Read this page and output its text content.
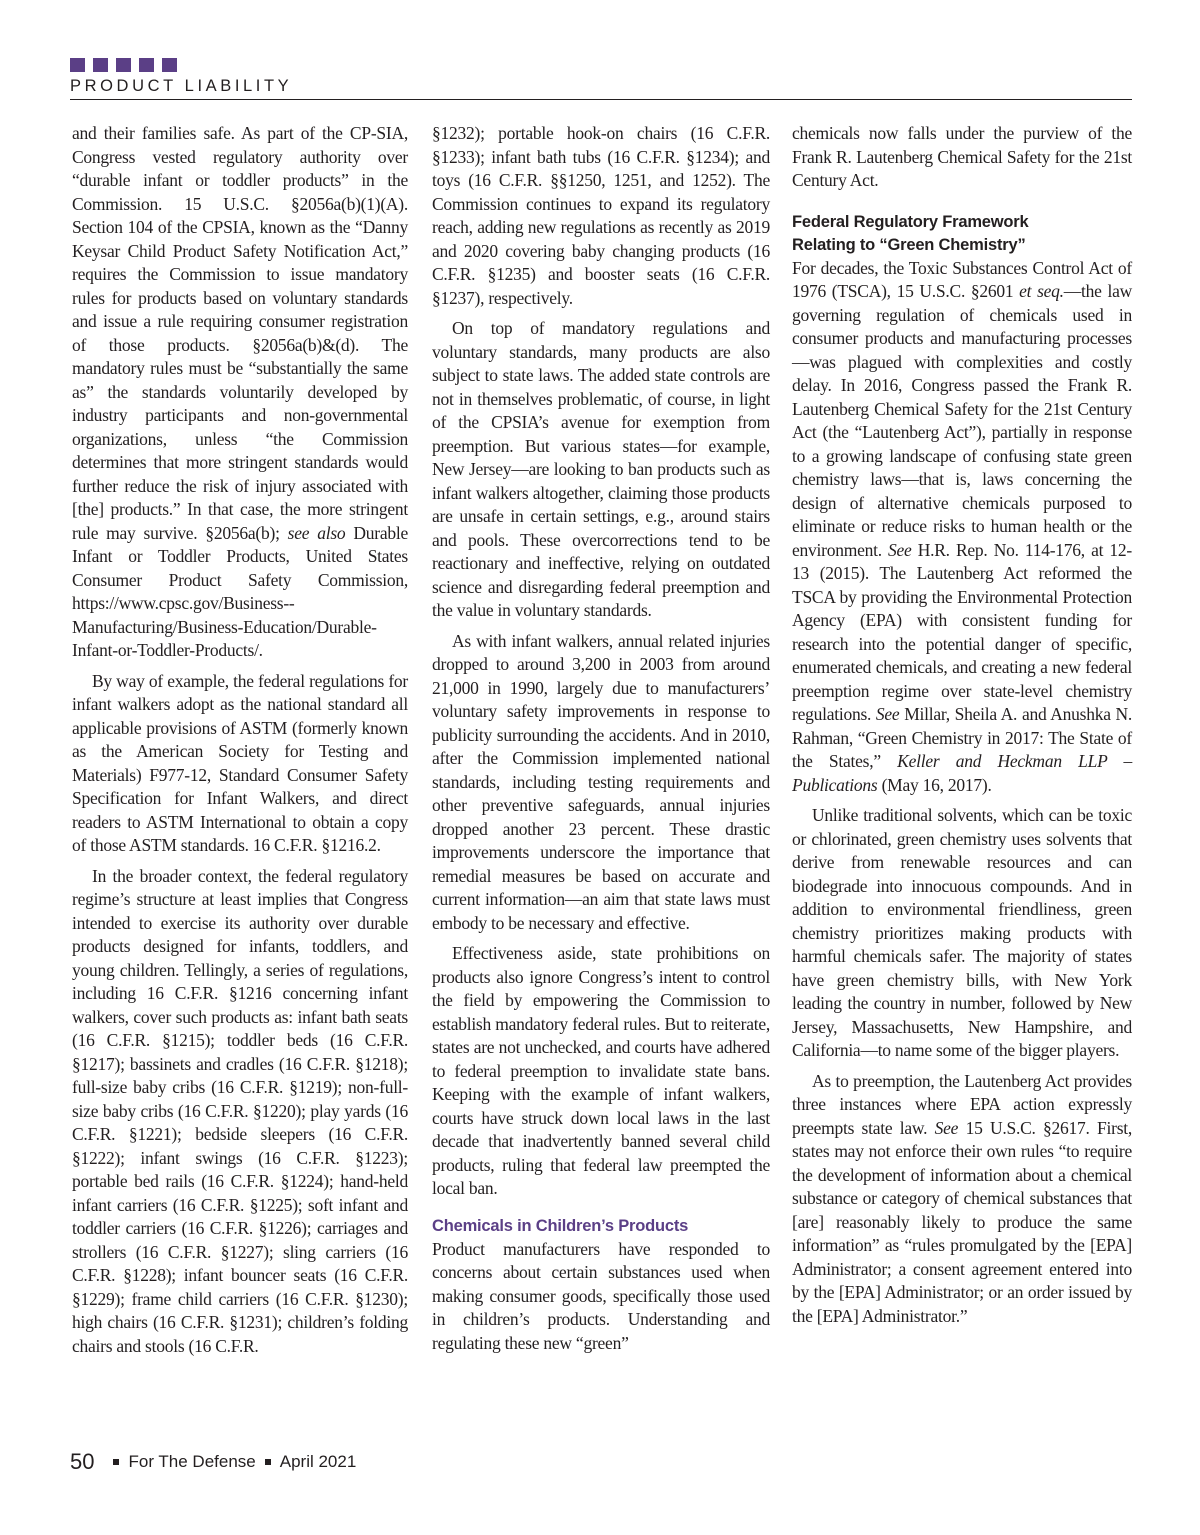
PRODUCT LIABILITY

and their families safe. As part of the CP-SIA, Congress vested regulatory authority over “durable infant or toddler products” in the Commission. 15 U.S.C. §2056a(b)(1)(A). Section 104 of the CPSIA, known as the “Danny Keysar Child Product Safety Notification Act,” requires the Commission to issue mandatory rules for products based on voluntary standards and issue a rule requiring consumer registration of those products. §2056a(b)&(d). The mandatory rules must be “substantially the same as” the standards voluntarily developed by industry participants and non-governmental organizations, unless “the Commission determines that more stringent standards would further reduce the risk of injury associated with [the] products.” In that case, the more stringent rule may survive. §2056a(b); see also Durable Infant or Toddler Products, United States Consumer Product Safety Commission, https://www.cpsc.gov/Business--Manufacturing/Business-Education/Durable-Infant-or-Toddler-Products/.

By way of example, the federal regulations for infant walkers adopt as the national standard all applicable provisions of ASTM (formerly known as the American Society for Testing and Materials) F977-12, Standard Consumer Safety Specification for Infant Walkers, and direct readers to ASTM International to obtain a copy of those ASTM standards. 16 C.F.R. §1216.2.

In the broader context, the federal regulatory regime’s structure at least implies that Congress intended to exercise its authority over durable products designed for infants, toddlers, and young children. Tellingly, a series of regulations, including 16 C.F.R. §1216 concerning infant walkers, cover such products as: infant bath seats (16 C.F.R. §1215); toddler beds (16 C.F.R. §1217); bassinets and cradles (16 C.F.R. §1218); full-size baby cribs (16 C.F.R. §1219); non-full-size baby cribs (16 C.F.R. §1220); play yards (16 C.F.R. §1221); bedside sleepers (16 C.F.R. §1222); infant swings (16 C.F.R. §1223); portable bed rails (16 C.F.R. §1224); hand-held infant carriers (16 C.F.R. §1225); soft infant and toddler carriers (16 C.F.R. §1226); carriages and strollers (16 C.F.R. §1227); sling carriers (16 C.F.R. §1228); infant bouncer seats (16 C.F.R. §1229); frame child carriers (16 C.F.R. §1230); high chairs (16 C.F.R. §1231); children’s folding chairs and stools (16 C.F.R.

§1232); portable hook-on chairs (16 C.F.R. §1233); infant bath tubs (16 C.F.R. §1234); and toys (16 C.F.R. §§1250, 1251, and 1252). The Commission continues to expand its regulatory reach, adding new regulations as recently as 2019 and 2020 covering baby changing products (16 C.F.R. §1235) and booster seats (16 C.F.R. §1237), respectively.

On top of mandatory regulations and voluntary standards, many products are also subject to state laws. The added state controls are not in themselves problematic, of course, in light of the CPSIA’s avenue for exemption from preemption. But various states—for example, New Jersey—are looking to ban products such as infant walkers altogether, claiming those products are unsafe in certain settings, e.g., around stairs and pools. These overcorrections tend to be reactionary and ineffective, relying on outdated science and disregarding federal preemption and the value in voluntary standards.

As with infant walkers, annual related injuries dropped to around 3,200 in 2003 from around 21,000 in 1990, largely due to manufacturers’ voluntary safety improvements in response to publicity surrounding the accidents. And in 2010, after the Commission implemented national standards, including testing requirements and other preventive safeguards, annual injuries dropped another 23 percent. These drastic improvements underscore the importance that remedial measures be based on accurate and current information—an aim that state laws must embody to be necessary and effective.

Effectiveness aside, state prohibitions on products also ignore Congress’s intent to control the field by empowering the Commission to establish mandatory federal rules. But to reiterate, states are not unchecked, and courts have adhered to federal preemption to invalidate state bans. Keeping with the example of infant walkers, courts have struck down local laws in the last decade that inadvertently banned several child products, ruling that federal law preempted the local ban.

Chemicals in Children’s Products

Product manufacturers have responded to concerns about certain substances used when making consumer goods, specifically those used in children’s products. Understanding and regulating these new “green”

chemicals now falls under the purview of the Frank R. Lautenberg Chemical Safety for the 21st Century Act.

Federal Regulatory Framework
Relating to “Green Chemistry”

For decades, the Toxic Substances Control Act of 1976 (TSCA), 15 U.S.C. §2601 et seq.—the law governing regulation of chemicals used in consumer products and manufacturing processes—was plagued with complexities and costly delay. In 2016, Congress passed the Frank R. Lautenberg Chemical Safety for the 21st Century Act (the “Lautenberg Act”), partially in response to a growing landscape of confusing state green chemistry laws—that is, laws concerning the design of alternative chemicals purposed to eliminate or reduce risks to human health or the environment. See H.R. Rep. No. 114-176, at 12-13 (2015). The Lautenberg Act reformed the TSCA by providing the Environmental Protection Agency (EPA) with consistent funding for research into the potential danger of specific, enumerated chemicals, and creating a new federal preemption regime over state-level chemistry regulations. See Millar, Sheila A. and Anushka N. Rahman, “Green Chemistry in 2017: The State of the States,” Keller and Heckman LLP – Publications (May 16, 2017).

Unlike traditional solvents, which can be toxic or chlorinated, green chemistry uses solvents that derive from renewable resources and can biodegrade into innocuous compounds. And in addition to environmental friendliness, green chemistry prioritizes making products with harmful chemicals safer. The majority of states have green chemistry bills, with New York leading the country in number, followed by New Jersey, Massachusetts, New Hampshire, and California—to name some of the bigger players.

As to preemption, the Lautenberg Act provides three instances where EPA action expressly preempts state law. See 15 U.S.C. §2617. First, states may not enforce their own rules “to require the development of information about a chemical substance or category of chemical substances that [are] reasonably likely to produce the same information” as “rules promulgated by the [EPA] Administrator; a consent agreement entered into by the [EPA] Administrator; or an order issued by the [EPA] Administrator.”

50 For The Defense April 2021
